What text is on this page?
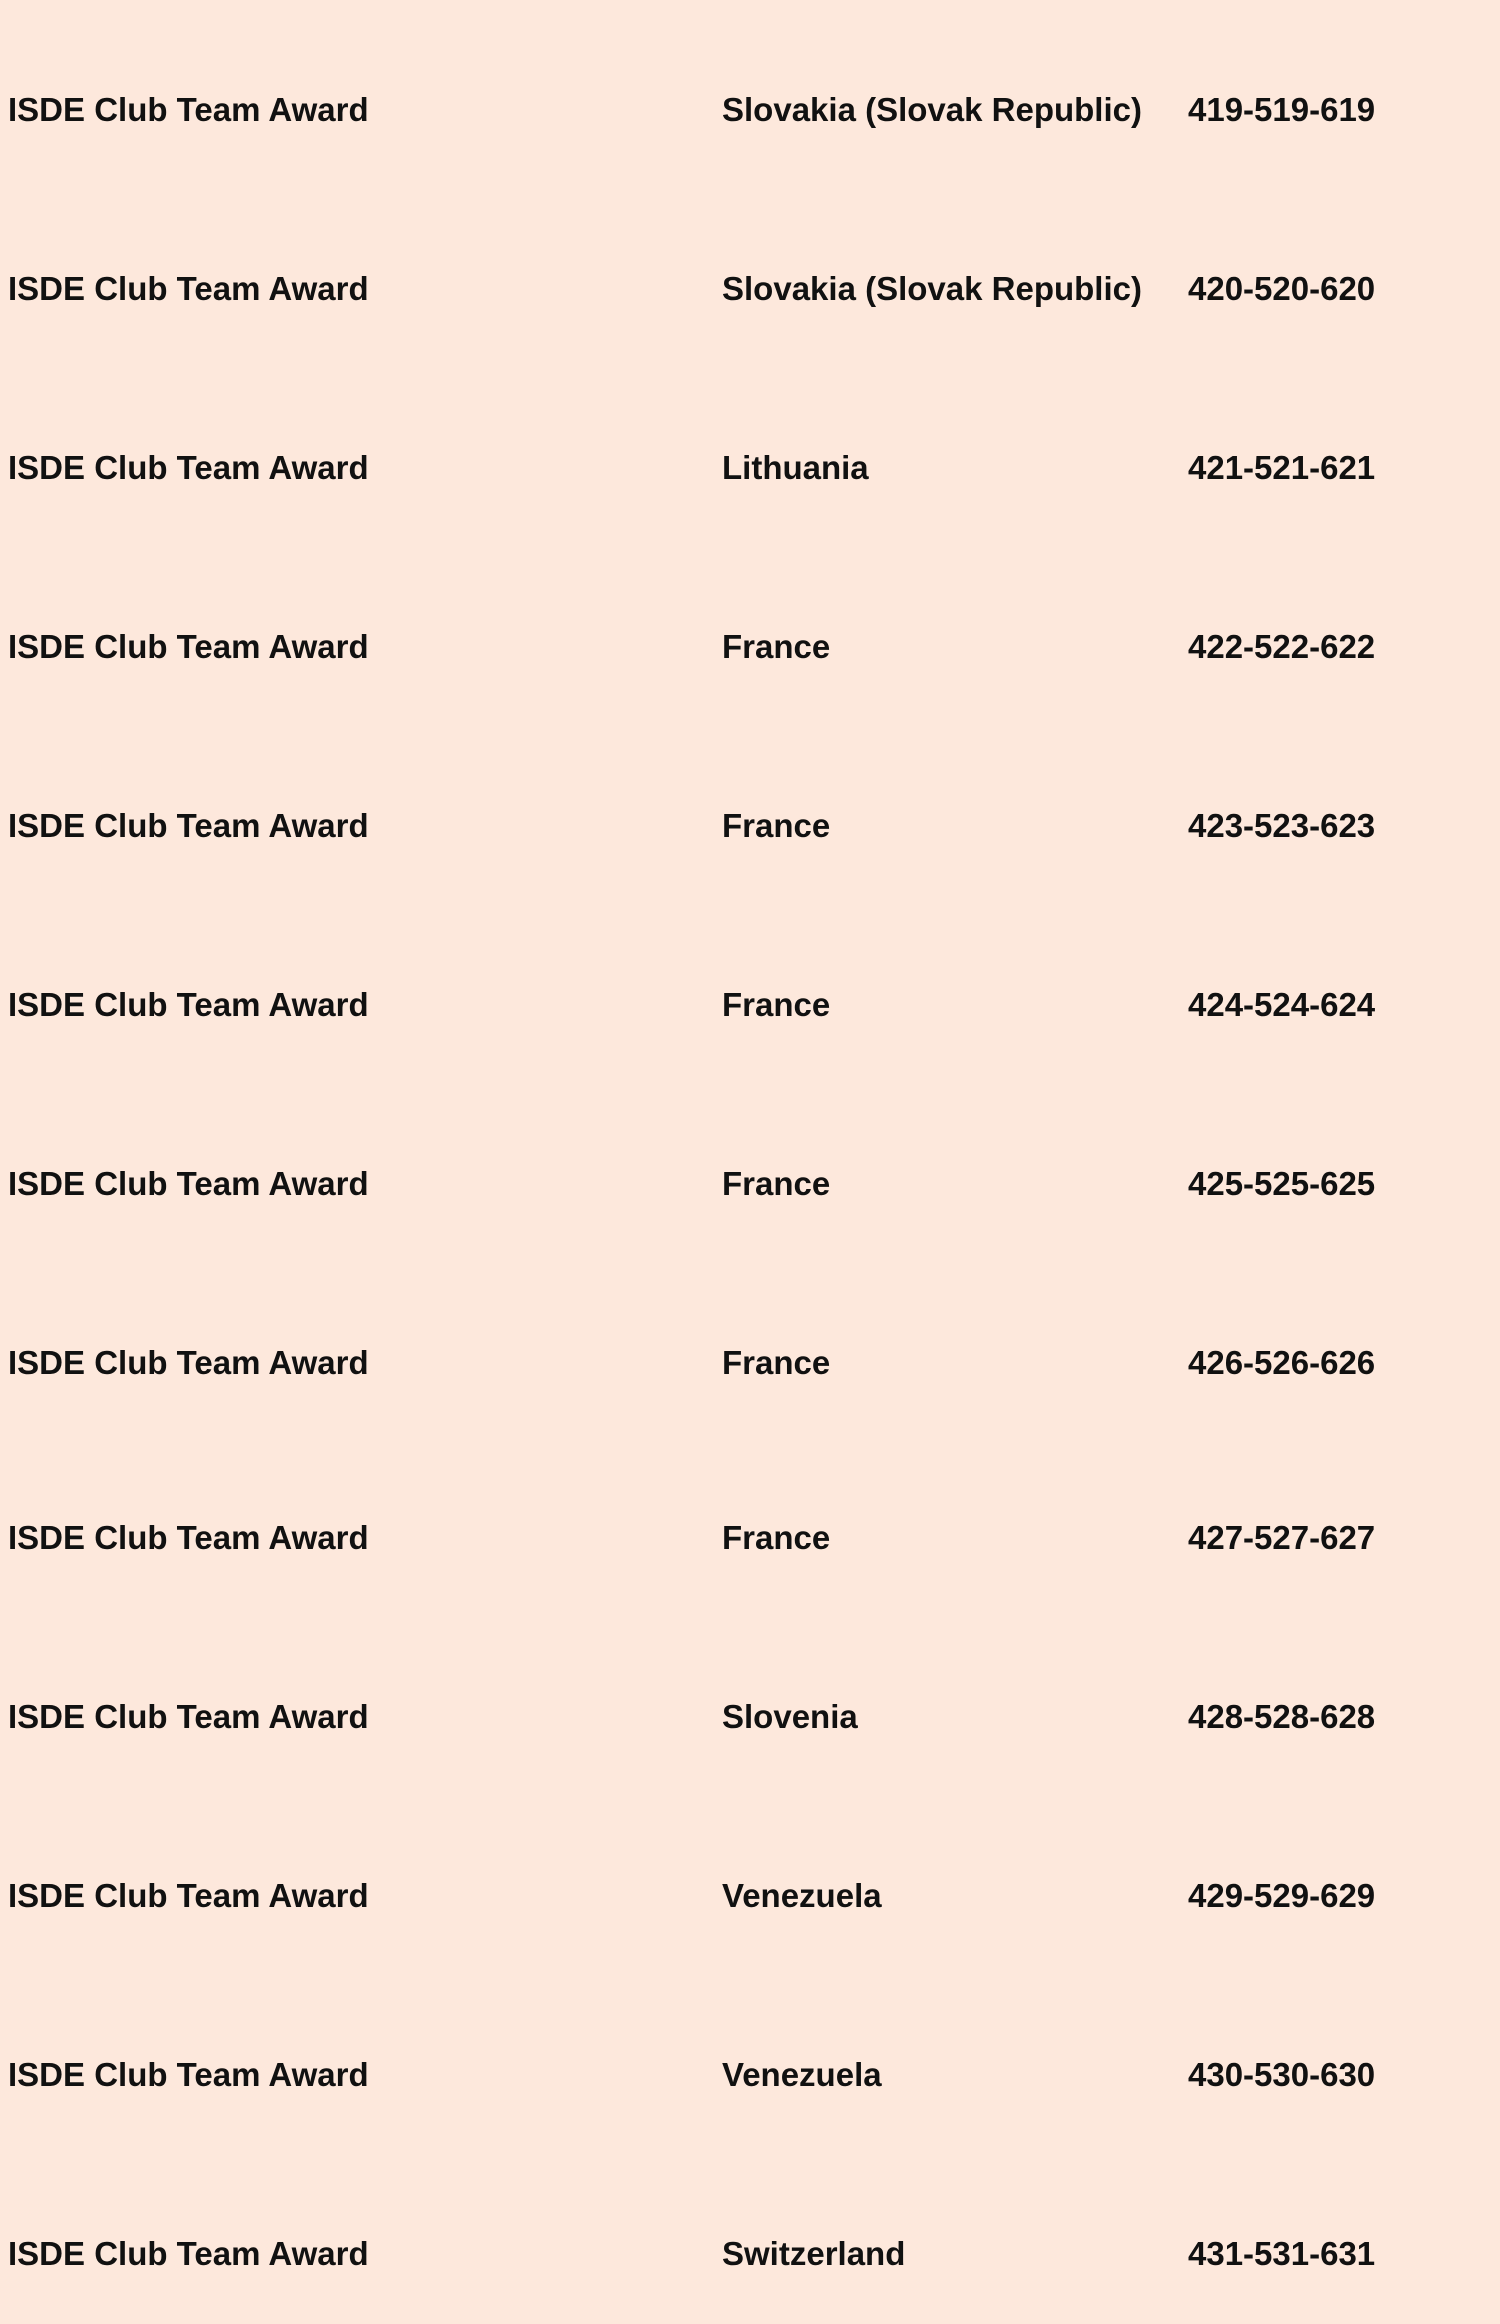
ISDE Club Team Award	Slovakia (Slovak Republic) 419-519-619
ISDE Club Team Award	Slovakia (Slovak Republic) 420-520-620
ISDE Club Team Award	Lithuania	421-521-621
ISDE Club Team Award	France	422-522-622
ISDE Club Team Award	France	423-523-623
ISDE Club Team Award	France	424-524-624
ISDE Club Team Award	France	425-525-625
ISDE Club Team Award	France	426-526-626
ISDE Club Team Award	France	427-527-627
ISDE Club Team Award	Slovenia	428-528-628
ISDE Club Team Award	Venezuela	429-529-629
ISDE Club Team Award	Venezuela	430-530-630
ISDE Club Team Award	Switzerland	431-531-631
